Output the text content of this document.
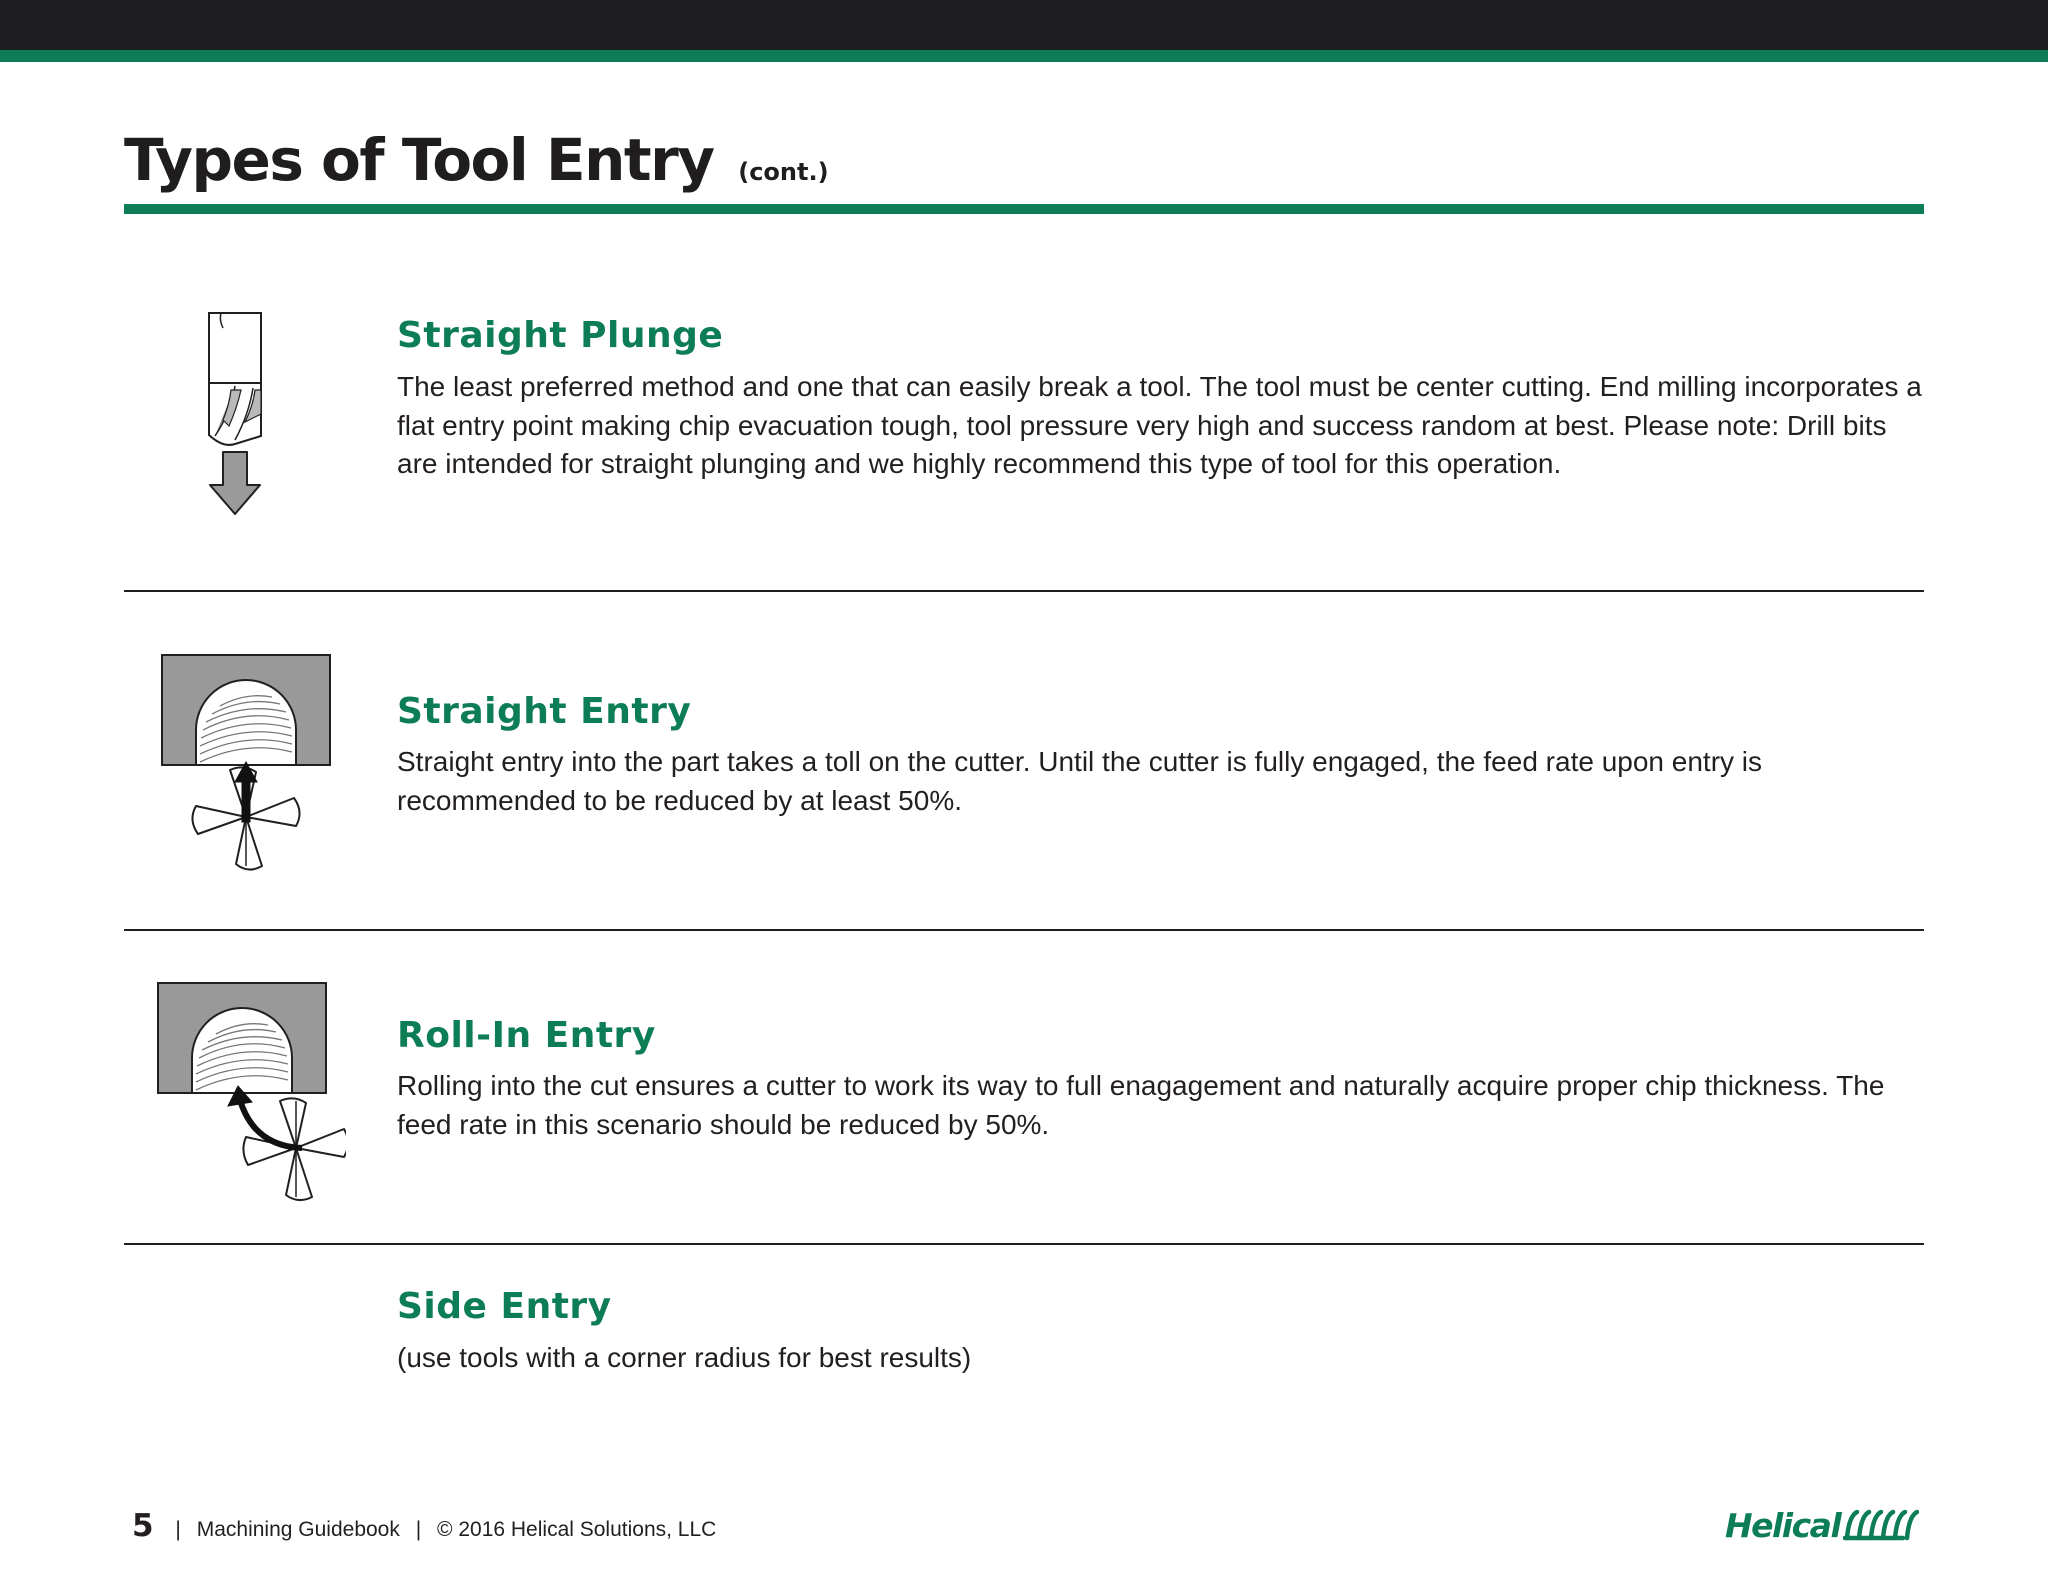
Types of Tool Entry (cont.)
Straight Plunge

The least preferred method and one that can easily break a tool. The tool must be center cutting. End milling incorporates a flat entry point making chip evacuation tough, tool pressure very high and success random at best. Please note: Drill bits are intended for straight plunging and we highly recommend this type of tool for this operation.

Straight Entry

Straight entry into the part takes a toll on the cutter. Until the cutter is fully engaged, the feed rate upon entry is recommended to be reduced by at least 50%.

Roll-In Entry

Rolling into the cut ensures a cutter to work its way to full enagagement and naturally acquire proper chip thickness. The feed rate in this scenario should be reduced by 50%.

Side Entry

(use tools with a corner radius for best results)

5 | Machining Guidebook | © 2016 Helical Solutions, LLC	Helical
